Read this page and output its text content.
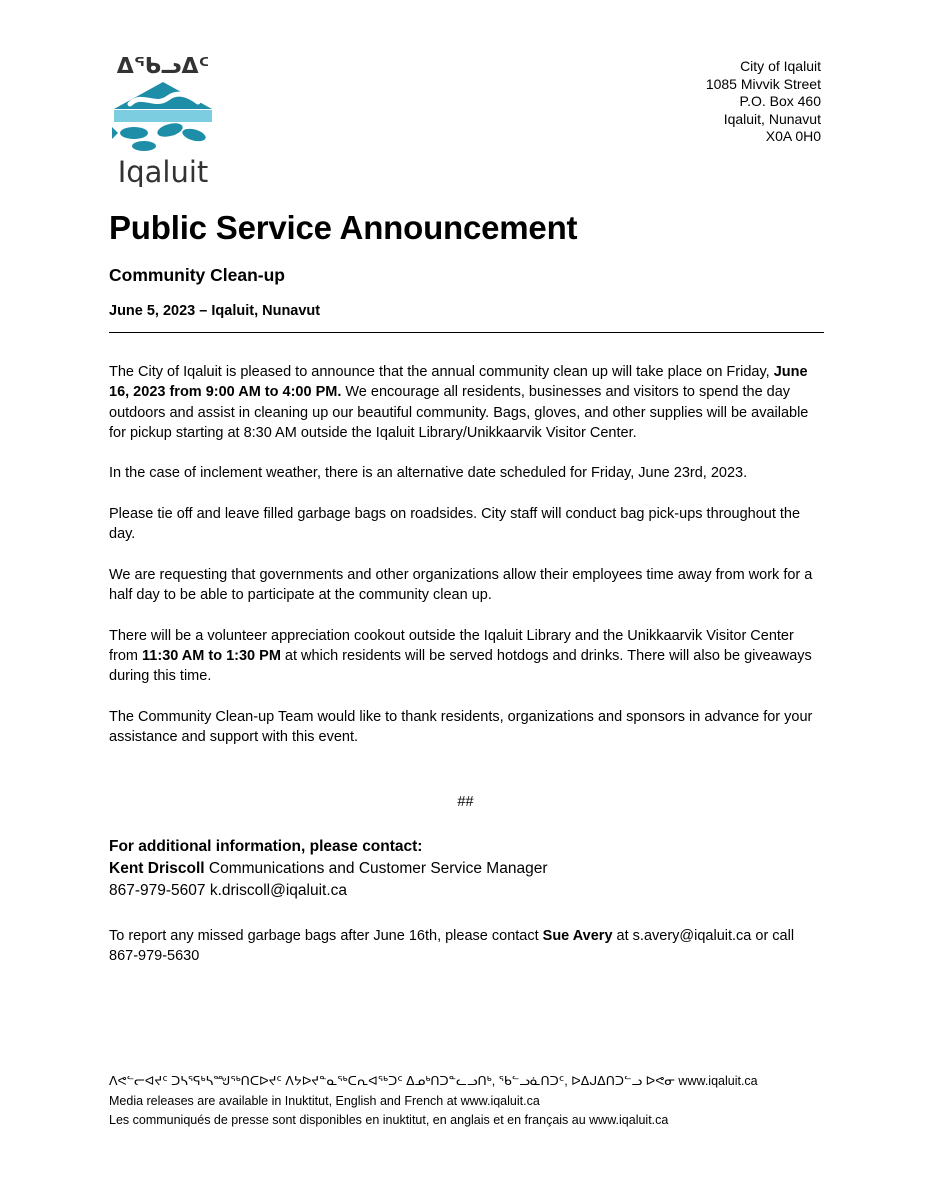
ᐃᖃᓗᐃᑦ
Iqaluit
City of Iqaluit
1085 Mivvik Street
P.O. Box 460
Iqaluit, Nunavut
X0A 0H0
Public Service Announcement
Community Clean-up
June 5, 2023 – Iqaluit, Nunavut

The City of Iqaluit is pleased to announce that the annual community clean up will take place on Friday, June 16, 2023 from 9:00 AM to 4:00 PM. We encourage all residents, businesses and visitors to spend the day outdoors and assist in cleaning up our beautiful community. Bags, gloves, and other supplies will be available for pickup starting at 8:30 AM outside the Iqaluit Library/Unikkaarvik Visitor Center.

In the case of inclement weather, there is an alternative date scheduled for Friday, June 23rd, 2023.

Please tie off and leave filled garbage bags on roadsides. City staff will conduct bag pick-ups throughout the day.

We are requesting that governments and other organizations allow their employees time away from work for a half day to be able to participate at the community clean up.

There will be a volunteer appreciation cookout outside the Iqaluit Library and the Unikkaarvik Visitor Center from 11:30 AM to 1:30 PM at which residents will be served hotdogs and drinks. There will also be giveaways during this time.

The Community Clean-up Team would like to thank residents, organizations and sponsors in advance for your assistance and support with this event.

##
For additional information, please contact:
Kent Driscoll Communications and Customer Service Manager
867-979-5607 k.driscoll@iqaluit.ca
To report any missed garbage bags after June 16th, please contact Sue Avery at s.avery@iqaluit.ca or call 867-979-5630
ᐱᕙᓪᓕᐊᔪᑦ ᑐᓴᕐᕋᒃᓴᙳᖅᑎᑕᐅᔪᑦ ᐱᔭᐅᔪᓐᓇᖅᑕᕆᐊᖅᑐᑦ ᐃᓄᒃᑎᑐᓐᓚᓗᑎᒃ, ᖃᓪᓗᓈᑎᑐᑦ, ᐅᐃᒍᐃᑎᑐᓪᓗ ᐅᕙᓂ www.iqaluit.ca
Media releases are available in Inuktitut, English and French at www.iqaluit.ca
Les communiqués de presse sont disponibles en inuktitut, en anglais et en français au www.iqaluit.ca
